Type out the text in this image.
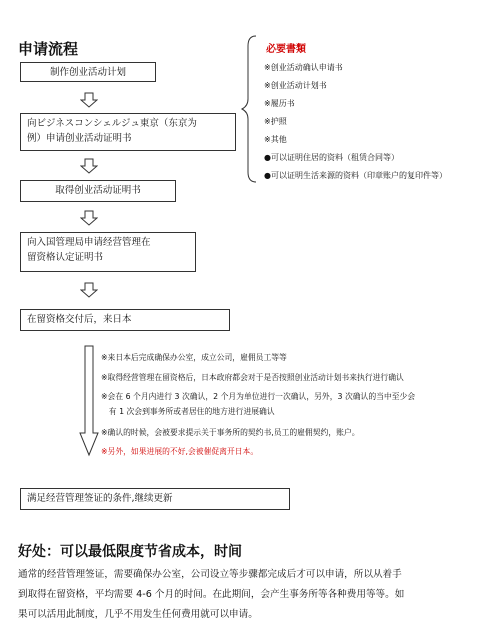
申请流程
制作创业活动计划
向ビジネスコンシェルジュ東京（东京为
例）申请创业活动证明书
取得创业活动证明书
向入国管理局申请经营管理在
留资格认定证明书
在留资格交付后，来日本
必要書類
※创业活动确认申请书
※创业活动计划书
※履历书
※护照
※其他
●可以证明住居的资料（租赁合同等）
●可以证明生活来源的资料（印章账户的复印件等）
※来日本后完成确保办公室，成立公司，雇佣员工等等
※取得经营管理在留资格后，日本政府都会对于是否按照创业活动计划书来执行进行确认
※会在 6 个月内进行 3 次确认，2 个月为单位进行一次确认，另外，3 次确认的当中至少会
　有 1 次会到事务所或者居住的地方进行进展确认
※确认的时候，会被要求提示关于事务所的契约书,员工的雇佣契约，账户。
※另外，如果进展的不好,会被催促离开日本。
满足经营管理签证的条件,继续更新
好处：可以最低限度节省成本，时间
通常的经营管理签证，需要确保办公室，公司设立等步骤都完成后才可以申请，所以从着手
到取得在留资格，平均需要 4-6 个月的时间。在此期间，会产生事务所等各种费用等等。如
果可以活用此制度，几乎不用发生任何费用就可以申请。
